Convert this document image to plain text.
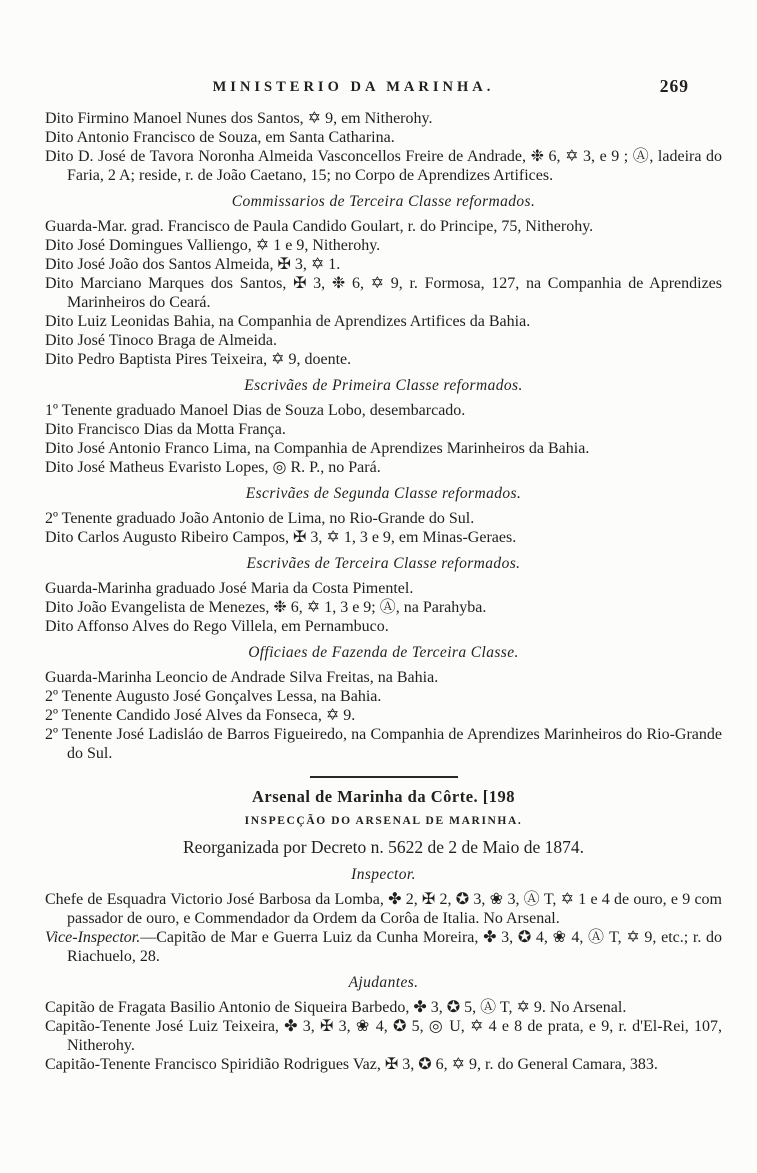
MINISTERIO DA MARINHA.	269

Dito Firmino Manoel Nunes dos Santos, ✡ 9, em Nitherohy.

Dito Antonio Francisco de Souza, em Santa Catharina.

Dito D. José de Tavora Noronha Almeida Vasconcellos Freire de Andrade, ❉ 6, ✡ 3, e 9 ; Ⓐ, ladeira do Faria, 2 A; reside, r. de João Caetano, 15; no Corpo de Aprendizes Artifices.

Commissarios de Terceira Classe reformados.

Guarda-Mar. grad. Francisco de Paula Candido Goulart, r. do Principe, 75, Nitherohy.

Dito José Domingues Valliengo, ✡ 1 e 9, Nitherohy.

Dito José João dos Santos Almeida, ✠ 3, ✡ 1.

Dito Marciano Marques dos Santos, ✠ 3, ❉ 6, ✡ 9, r. Formosa, 127, na Companhia de Aprendizes Marinheiros do Ceará.

Dito Luiz Leonidas Bahia, na Companhia de Aprendizes Artifices da Bahia.

Dito José Tinoco Braga de Almeida.

Dito Pedro Baptista Pires Teixeira, ✡ 9, doente.

Escrivães de Primeira Classe reformados.

1º Tenente graduado Manoel Dias de Souza Lobo, desembarcado.

Dito Francisco Dias da Motta França.

Dito José Antonio Franco Lima, na Companhia de Aprendizes Marinheiros da Bahia.

Dito José Matheus Evaristo Lopes, ◎ R. P., no Pará.

Escrivães de Segunda Classe reformados.

2º Tenente graduado João Antonio de Lima, no Rio-Grande do Sul.

Dito Carlos Augusto Ribeiro Campos, ✠ 3, ✡ 1, 3 e 9, em Minas-Geraes.

Escrivães de Terceira Classe reformados.

Guarda-Marinha graduado José Maria da Costa Pimentel.

Dito João Evangelista de Menezes, ❉ 6, ✡ 1, 3 e 9; Ⓐ, na Parahyba.

Dito Affonso Alves do Rego Villela, em Pernambuco.

Officiaes de Fazenda de Terceira Classe.

Guarda-Marinha Leoncio de Andrade Silva Freitas, na Bahia.

2º Tenente Augusto José Gonçalves Lessa, na Bahia.

2º Tenente Candido José Alves da Fonseca, ✡ 9.

2º Tenente José Ladisláo de Barros Figueiredo, na Companhia de Aprendizes Marinheiros do Rio-Grande do Sul.

Arsenal de Marinha da Côrte. [198
INSPECÇÃO DO ARSENAL DE MARINHA.
Reorganizada por Decreto n. 5622 de 2 de Maio de 1874.
Inspector.

Chefe de Esquadra Victorio José Barbosa da Lomba, ✤ 2, ✠ 2, ✪ 3, ❀ 3, Ⓐ T, ✡ 1 e 4 de ouro, e 9 com passador de ouro, e Commendador da Ordem da Corôa de Italia. No Arsenal.

Vice-Inspector.—Capitão de Mar e Guerra Luiz da Cunha Moreira, ✤ 3, ✪ 4, ❀ 4, Ⓐ T, ✡ 9, etc.; r. do Riachuelo, 28.

Ajudantes.

Capitão de Fragata Basilio Antonio de Siqueira Barbedo, ✤ 3, ✪ 5, Ⓐ T, ✡ 9. No Arsenal.

Capitão-Tenente José Luiz Teixeira, ✤ 3, ✠ 3, ❀ 4, ✪ 5, ◎ U, ✡ 4 e 8 de prata, e 9, r. d'El-Rei, 107, Nitherohy.

Capitão-Tenente Francisco Spiridião Rodrigues Vaz, ✠ 3, ✪ 6, ✡ 9, r. do General Camara, 383.
